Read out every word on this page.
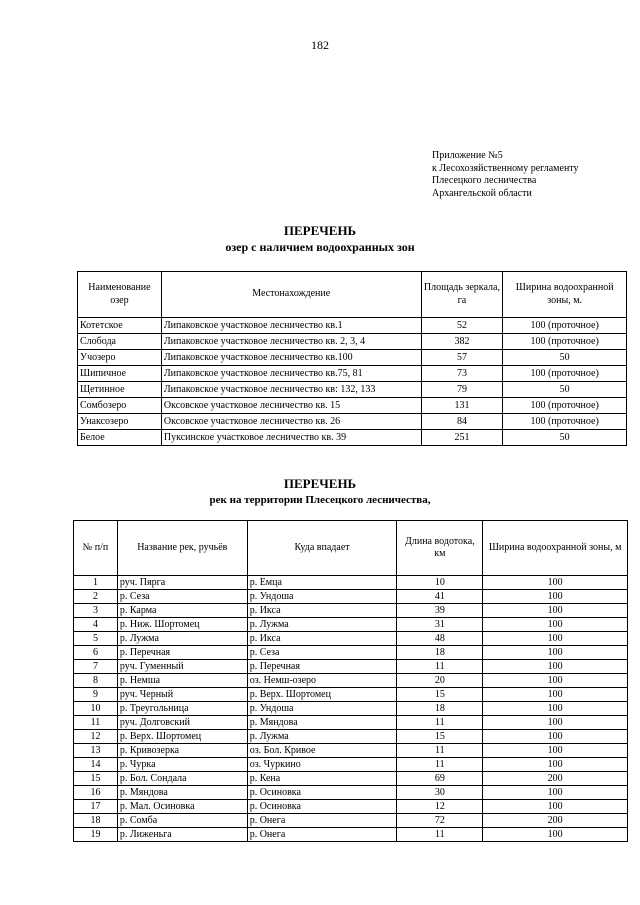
182
Приложение №5
к Лесохозяйственному регламенту
Плесецкого лесничества
Архангельской области
ПЕРЕЧЕНЬ
озер с наличием водоохранных зон
Наименование озер	Местонахождение	Площадь зеркала, га	Ширина водоохранной зоны, м.
Котетское	Липаковское участковое лесничество кв.1	52	100 (проточное)
Слобода	Липаковское участковое лесничество кв. 2, 3, 4	382	100 (проточное)
Учозеро	Липаковское участковое лесничество кв.100	57	50
Шипичное	Липаковское участковое лесничество кв.75, 81	73	100 (проточное)
Щетинное	Липаковское участковое лесничество кв: 132, 133	79	50
Сомбозеро	Оксовское участковое лесничество кв. 15	131	100 (проточное)
Унаксозеро	Оксовское участковое лесничество кв. 26	84	100 (проточное)
Белое	Пуксинское участковое лесничество кв. 39	251	50
ПЕРЕЧЕНЬ
рек на территории Плесецкого лесничества,
№ п/п	Название рек, ручьёв	Куда впадает	Длина водотока, км	Ширина водоохранной зоны, м
1	руч. Пярга	р. Емца	10	100
2	р. Сеза	р. Ундоша	41	100
3	р. Карма	р. Икса	39	100
4	р. Ниж. Шортомец	р. Лужма	31	100
5	р. Лужма	р. Икса	48	100
6	р. Перечная	р. Сеза	18	100
7	руч. Гуменный	р. Перечная	11	100
8	р. Немша	оз. Немш-озеро	20	100
9	руч. Черный	р. Верх. Шортомец	15	100
10	р. Треугольница	р. Ундоша	18	100
11	руч. Долговский	р. Мяндова	11	100
12	р. Верх. Шортомец	р. Лужма	15	100
13	р. Кривозерка	оз. Бол. Кривое	11	100
14	р. Чурка	оз. Чуркино	11	100
15	р. Бол. Сондала	р. Кена	69	200
16	р. Мяндова	р. Осиновка	30	100
17	р. Мал. Осиновка	р. Осиновка	12	100
18	р. Сомба	р. Онега	72	200
19	р. Лиженьга	р. Онега	11	100
